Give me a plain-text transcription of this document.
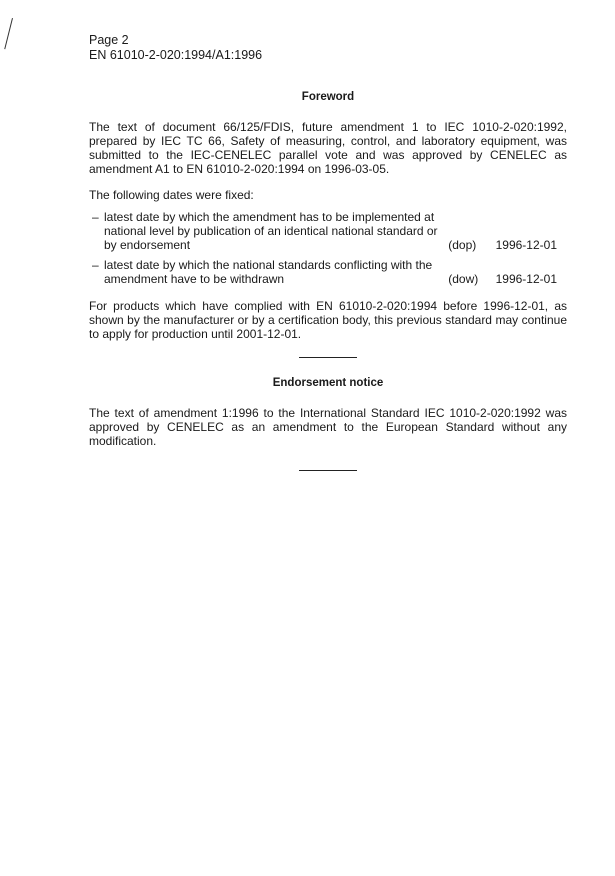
Page 2
EN 61010-2-020:1994/A1:1996
Foreword

The text of document 66/125/FDIS, future amendment 1 to IEC 1010-2-020:1992, prepared by IEC TC 66, Safety of measuring, control, and laboratory equipment, was submitted to the IEC-CENELEC parallel vote and was approved by CENELEC as amendment A1 to EN 61010-2-020:1994 on 1996-03-05.

The following dates were fixed:

– latest date by which the amendment has to be implemented at national level by publication of an identical national standard or by endorsement	(dop) 1996-12-01
– latest date by which the national standards conflicting with the amendment have to be withdrawn	(dow) 1996-12-01

For products which have complied with EN 61010-2-020:1994 before 1996-12-01, as shown by the manufacturer or by a certification body, this previous standard may continue to apply for production until 2001-12-01.

Endorsement notice

The text of amendment 1:1996 to the International Standard IEC 1010-2-020:1992 was approved by CENELEC as an amendment to the European Standard without any modification.
